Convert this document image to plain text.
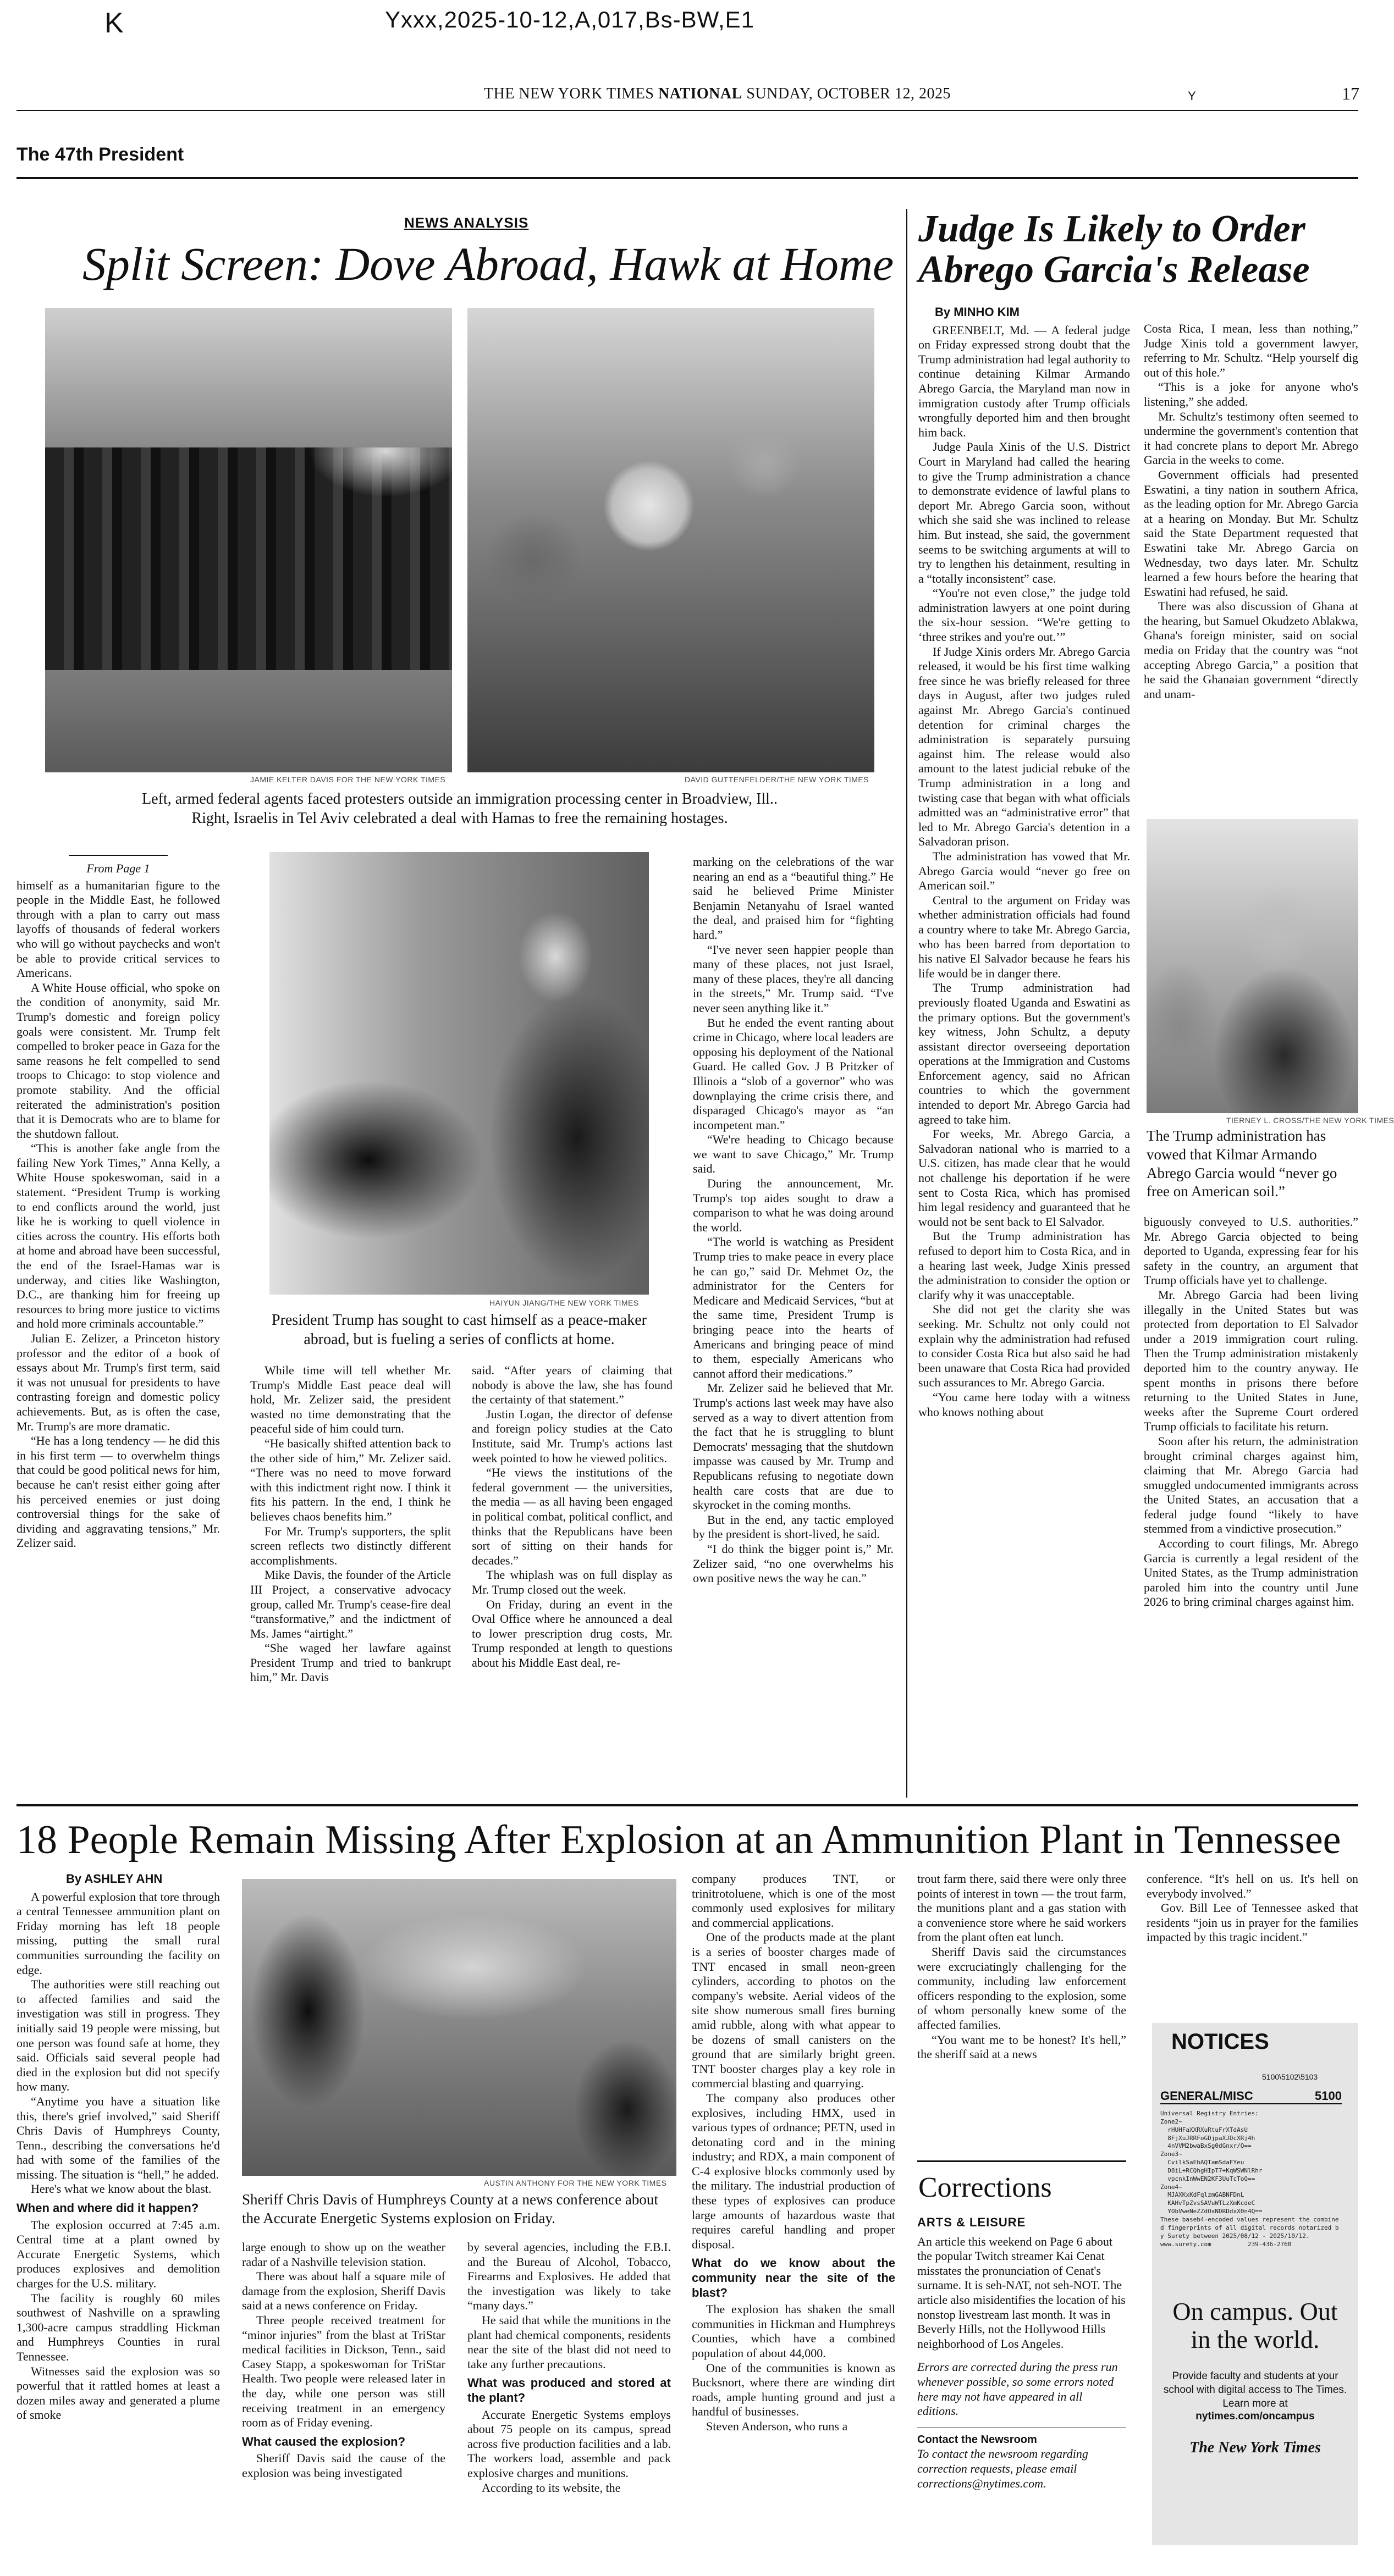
K	Yxxx,2025-10-12,A,017,Bs-BW,E1
THE NEW YORK TIMES NATIONAL SUNDAY, OCTOBER 12, 2025	Y	17
The 47th President
NEWS ANALYSIS
Split Screen: Dove Abroad, Hawk at Home
JAMIE KELTER DAVIS FOR THE NEW YORK TIMES	DAVID GUTTENFELDER/THE NEW YORK TIMES
Left, armed federal agents faced protesters outside an immigration processing center in Broadview, Ill..
Right, Israelis in Tel Aviv celebrated a deal with Hamas to free the remaining hostages.

From Page 1

himself as a humanitarian figure to the people in the Middle East, he followed through with a plan to carry out mass layoffs of thousands of federal workers who will go without paychecks and won't be able to provide critical services to Americans.

A White House official, who spoke on the condition of anonymity, said Mr. Trump's domestic and foreign policy goals were consistent. Mr. Trump felt compelled to broker peace in Gaza for the same reasons he felt compelled to send troops to Chicago: to stop violence and promote stability. And the official reiterated the administration's position that it is Democrats who are to blame for the shutdown fallout.

“This is another fake angle from the failing New York Times,” Anna Kelly, a White House spokeswoman, said in a statement. “President Trump is working to end conflicts around the world, just like he is working to quell violence in cities across the country. His efforts both at home and abroad have been successful, the end of the Israel-Hamas war is underway, and cities like Washington, D.C., are thanking him for freeing up resources to bring more justice to victims and hold more criminals accountable.”

Julian E. Zelizer, a Princeton history professor and the editor of a book of essays about Mr. Trump's first term, said it was not unusual for presidents to have contrasting foreign and domestic policy achievements. But, as is often the case, Mr. Trump's are more dramatic.

“He has a long tendency — he did this in his first term — to overwhelm things that could be good political news for him, because he can't resist either going after his perceived enemies or just doing controversial things for the sake of dividing and aggravating tensions,” Mr. Zelizer said.

HAIYUN JIANG/THE NEW YORK TIMES
President Trump has sought to cast himself as a peace-maker abroad, but is fueling a series of conflicts at home.

While time will tell whether Mr. Trump's Middle East peace deal will hold, Mr. Zelizer said, the president wasted no time demonstrating that the peaceful side of him could turn.

“He basically shifted attention back to the other side of him,” Mr. Zelizer said. “There was no need to move forward with this indictment right now. I think it fits his pattern. In the end, I think he believes chaos benefits him.”

For Mr. Trump's supporters, the split screen reflects two distinctly different accomplishments.

Mike Davis, the founder of the Article III Project, a conservative advocacy group, called Mr. Trump's cease-fire deal “transformative,” and the indictment of Ms. James “airtight.”

“She waged her lawfare against President Trump and tried to bankrupt him,” Mr. Davis

said. “After years of claiming that nobody is above the law, she has found the certainty of that statement.”

Justin Logan, the director of defense and foreign policy studies at the Cato Institute, said Mr. Trump's actions last week pointed to how he viewed politics.

“He views the institutions of the federal government — the universities, the media — as all having been engaged in political combat, political conflict, and thinks that the Republicans have been sort of sitting on their hands for decades.”

The whiplash was on full display as Mr. Trump closed out the week.

On Friday, during an event in the Oval Office where he announced a deal to lower prescription drug costs, Mr. Trump responded at length to questions about his Middle East deal, re-

marking on the celebrations of the war nearing an end as a “beautiful thing.” He said he believed Prime Minister Benjamin Netanyahu of Israel wanted the deal, and praised him for “fighting hard.”

“I've never seen happier people than many of these places, not just Israel, many of these places, they're all dancing in the streets,” Mr. Trump said. “I've never seen anything like it.”

But he ended the event ranting about crime in Chicago, where local leaders are opposing his deployment of the National Guard. He called Gov. J B Pritzker of Illinois a “slob of a governor” who was downplaying the crime crisis there, and disparaged Chicago's mayor as “an incompetent man.”

“We're heading to Chicago because we want to save Chicago,” Mr. Trump said.

During the announcement, Mr. Trump's top aides sought to draw a comparison to what he was doing around the world.

“The world is watching as President Trump tries to make peace in every place he can go,” said Dr. Mehmet Oz, the administrator for the Centers for Medicare and Medicaid Services, “but at the same time, President Trump is bringing peace into the hearts of Americans and bringing peace of mind to them, especially Americans who cannot afford their medications.”

Mr. Zelizer said he believed that Mr. Trump's actions last week may have also served as a way to divert attention from the fact that he is struggling to blunt Democrats' messaging that the shutdown impasse was caused by Mr. Trump and Republicans refusing to negotiate down health care costs that are due to skyrocket in the coming months.

But in the end, any tactic employed by the president is short-lived, he said.

“I do think the bigger point is,” Mr. Zelizer said, “no one overwhelms his own positive news the way he can.”

Judge Is Likely to Order Abrego Garcia's Release
By MINHO KIM

GREENBELT, Md. — A federal judge on Friday expressed strong doubt that the Trump administration had legal authority to continue detaining Kilmar Armando Abrego Garcia, the Maryland man now in immigration custody after Trump officials wrongfully deported him and then brought him back.

Judge Paula Xinis of the U.S. District Court in Maryland had called the hearing to give the Trump administration a chance to demonstrate evidence of lawful plans to deport Mr. Abrego Garcia soon, without which she said she was inclined to release him. But instead, she said, the government seems to be switching arguments at will to try to lengthen his detainment, resulting in a “totally inconsistent” case.

“You're not even close,” the judge told administration lawyers at one point during the six-hour session. “We're getting to ‘three strikes and you're out.’”

If Judge Xinis orders Mr. Abrego Garcia released, it would be his first time walking free since he was briefly released for three days in August, after two judges ruled against Mr. Abrego Garcia's continued detention for criminal charges the administration is separately pursuing against him. The release would also amount to the latest judicial rebuke of the Trump administration in a long and twisting case that began with what officials admitted was an “administrative error” that led to Mr. Abrego Garcia's detention in a Salvadoran prison.

The administration has vowed that Mr. Abrego Garcia would “never go free on American soil.”

Central to the argument on Friday was whether administration officials had found a country where to take Mr. Abrego Garcia, who has been barred from deportation to his native El Salvador because he fears his life would be in danger there.

The Trump administration had previously floated Uganda and Eswatini as the primary options. But the government's key witness, John Schultz, a deputy assistant director overseeing deportation operations at the Immigration and Customs Enforcement agency, said no African countries to which the government intended to deport Mr. Abrego Garcia had agreed to take him.

For weeks, Mr. Abrego Garcia, a Salvadoran national who is married to a U.S. citizen, has made clear that he would not challenge his deportation if he were sent to Costa Rica, which has promised him legal residency and guaranteed that he would not be sent back to El Salvador.

But the Trump administration has refused to deport him to Costa Rica, and in a hearing last week, Judge Xinis pressed the administration to consider the option or clarify why it was unacceptable.

She did not get the clarity she was seeking. Mr. Schultz not only could not explain why the administration had refused to consider Costa Rica but also said he had been unaware that Costa Rica had provided such assurances to Mr. Abrego Garcia.

“You came here today with a witness who knows nothing about

Costa Rica, I mean, less than nothing,” Judge Xinis told a government lawyer, referring to Mr. Schultz. “Help yourself dig out of this hole.”

“This is a joke for anyone who's listening,” she added.

Mr. Schultz's testimony often seemed to undermine the government's contention that it had concrete plans to deport Mr. Abrego Garcia in the weeks to come.

Government officials had presented Eswatini, a tiny nation in southern Africa, as the leading option for Mr. Abrego Garcia at a hearing on Monday. But Mr. Schultz said the State Department requested that Eswatini take Mr. Abrego Garcia on Wednesday, two days later. Mr. Schultz learned a few hours before the hearing that Eswatini had refused, he said.

There was also discussion of Ghana at the hearing, but Samuel Okudzeto Ablakwa, Ghana's foreign minister, said on social media on Friday that the country was “not accepting Abrego Garcia,” a position that he said the Ghanaian government “directly and unam-

TIERNEY L. CROSS/THE NEW YORK TIMES
The Trump administration has vowed that Kilmar Armando Abrego Garcia would “never go free on American soil.”

biguously conveyed to U.S. authorities.” Mr. Abrego Garcia objected to being deported to Uganda, expressing fear for his safety in the country, an argument that Trump officials have yet to challenge.

Mr. Abrego Garcia had been living illegally in the United States but was protected from deportation to El Salvador under a 2019 immigration court ruling. Then the Trump administration mistakenly deported him to the country anyway. He spent months in prisons there before returning to the United States in June, weeks after the Supreme Court ordered Trump officials to facilitate his return.

Soon after his return, the administration brought criminal charges against him, claiming that Mr. Abrego Garcia had smuggled undocumented immigrants across the United States, an accusation that a federal judge found “likely to have stemmed from a vindictive prosecution.”

According to court filings, Mr. Abrego Garcia is currently a legal resident of the United States, as the Trump administration paroled him into the country until June 2026 to bring criminal charges against him.

18 People Remain Missing After Explosion at an Ammunition Plant in Tennessee
By ASHLEY AHN

A powerful explosion that tore through a central Tennessee ammunition plant on Friday morning has left 18 people missing, putting the small rural communities surrounding the facility on edge.

The authorities were still reaching out to affected families and said the investigation was still in progress. They initially said 19 people were missing, but one person was found safe at home, they said. Officials said several people had died in the explosion but did not specify how many.

“Anytime you have a situation like this, there's grief involved,” said Sheriff Chris Davis of Humphreys County, Tenn., describing the conversations he'd had with some of the families of the missing. The situation is “hell,” he added.

Here's what we know about the blast.

When and where did it happen?

The explosion occurred at 7:45 a.m. Central time at a plant owned by Accurate Energetic Systems, which produces explosives and demolition charges for the U.S. military.

The facility is roughly 60 miles southwest of Nashville on a sprawling 1,300-acre campus straddling Hickman and Humphreys Counties in rural Tennessee.

Witnesses said the explosion was so powerful that it rattled homes at least a dozen miles away and generated a plume of smoke

AUSTIN ANTHONY FOR THE NEW YORK TIMES
Sheriff Chris Davis of Humphreys County at a news conference about the Accurate Energetic Systems explosion on Friday.

large enough to show up on the weather radar of a Nashville television station.

There was about half a square mile of damage from the explosion, Sheriff Davis said at a news conference on Friday.

Three people received treatment for “minor injuries” from the blast at TriStar medical facilities in Dickson, Tenn., said Casey Stapp, a spokeswoman for TriStar Health. Two people were released later in the day, while one person was still receiving treatment in an emergency room as of Friday evening.

What caused the explosion?

Sheriff Davis said the cause of the explosion was being investigated

by several agencies, including the F.B.I. and the Bureau of Alcohol, Tobacco, Firearms and Explosives. He added that the investigation was likely to take “many days.”

He said that while the munitions in the plant had chemical components, residents near the site of the blast did not need to take any further precautions.

What was produced and stored at the plant?

Accurate Energetic Systems employs about 75 people on its campus, spread across five production facilities and a lab. The workers load, assemble and pack explosive charges and munitions.

According to its website, the

company produces TNT, or trinitrotoluene, which is one of the most commonly used explosives for military and commercial applications.

One of the products made at the plant is a series of booster charges made of TNT encased in small neon-green cylinders, according to photos on the company's website. Aerial videos of the site show numerous small fires burning amid rubble, along with what appear to be dozens of small canisters on the ground that are similarly bright green. TNT booster charges play a key role in commercial blasting and quarrying.

The company also produces other explosives, including HMX, used in various types of ordnance; PETN, used in detonating cord and in the mining industry; and RDX, a main component of C-4 explosive blocks commonly used by the military. The industrial production of these types of explosives can produce large amounts of hazardous waste that requires careful handling and proper disposal.

What do we know about the community near the site of the blast?

The explosion has shaken the small communities in Hickman and Humphreys Counties, which have a combined population of about 44,000.

One of the communities is known as Bucksnort, where there are winding dirt roads, ample hunting ground and just a handful of businesses.

Steven Anderson, who runs a

trout farm there, said there were only three points of interest in town — the trout farm, the munitions plant and a gas station with a convenience store where he said workers from the plant often eat lunch.

Sheriff Davis said the circumstances were excruciatingly challenging for the community, including law enforcement officers responding to the explosion, some of whom personally knew some of the affected families.

“You want me to be honest? It's hell,” the sheriff said at a news

conference. “It's hell on us. It's hell on everybody involved.”

Gov. Bill Lee of Tennessee asked that residents “join us in prayer for the families impacted by this tragic incident.”

Corrections
ARTS & LEISURE

An article this weekend on Page 6 about the popular Twitch streamer Kai Cenat misstates the pronunciation of Cenat's surname. It is seh-NAT, not seh-NOT. The article also misidentifies the location of his nonstop livestream last month. It was in Beverly Hills, not the Hollywood Hills neighborhood of Los Angeles.

Errors are corrected during the press run whenever possible, so some errors noted here may not have appeared in all editions.

Contact the Newsroom

To contact the newsroom regarding correction requests, please email corrections@nytimes.com.

NOTICES
5100\5102\5103
GENERAL/MISC	5100
Universal Registry Entries:
Zone2~
rHUHFaXXRXuRtuFrXTdAsU
8FjXuJRRFoGDjpaXJDcXRj4h
4nVVM2bwaBxSg0dGnxr/Q==
Zone3~
CvilkSaEbAQTamSdaFYeu
D8iL+RCQhgHIpT7+KqWSWNlRhr
vpcnkInWwEN2KF3UuTcToQ==
Zone4~
MJAXKxKdFqlzmGABNFDnL
KAHvTpZvsSAVuWTLzXmKcdeC
YObVweNeZZdOxNDRDdxX0n4Q==
These baseb4-encoded values represent the combined fingerprints of all digital records notarized by Surety between 2025/08/12 - 2025/10/12.
www.surety.com          239-436-2760
On campus. Out in the world.
Provide faculty and students at your school with digital access to The Times. Learn more at
nytimes.com/oncampus
The New York Times
